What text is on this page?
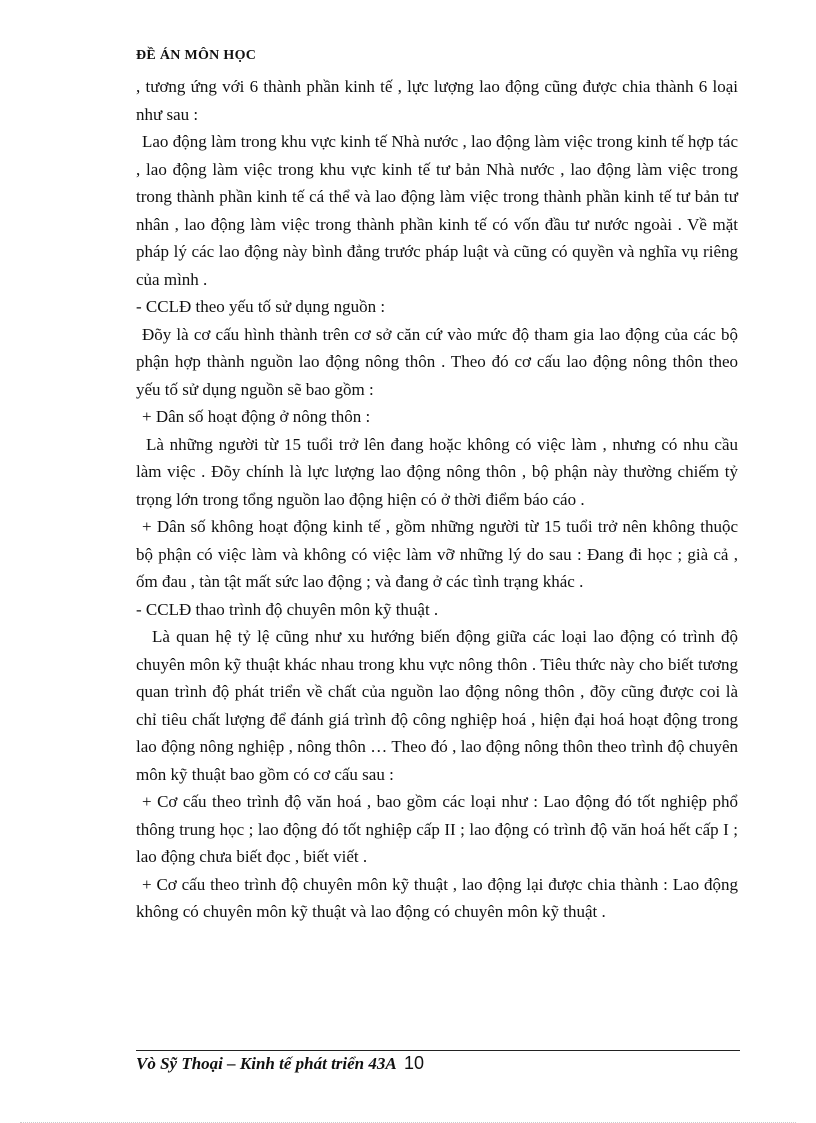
ĐỀ ÁN MÔN HỌC

, tương ứng với 6 thành phần kinh tế , lực lượng lao động cũng được chia thành 6 loại như sau :

Lao động làm trong khu vực kinh tế Nhà nước , lao động làm việc trong kinh tế hợp tác , lao động làm việc trong khu vực kinh tế tư bản Nhà nước , lao động làm việc trong trong thành phần kinh tế cá thể và lao động làm việc trong thành phần kinh tế tư bản tư nhân , lao động làm việc trong thành phần kinh tế có vốn đầu tư nước ngoài . Về mặt pháp lý các lao động này bình đẳng trước pháp luật và cũng có quyền và nghĩa vụ riêng của mình .

- CCLĐ theo yếu tố sử dụng nguồn :

Đõy là cơ cấu hình thành trên cơ sở căn cứ vào mức độ tham gia lao động của các bộ phận hợp thành nguồn lao động nông thôn . Theo đó cơ cấu lao động nông thôn theo yếu tố sử dụng nguồn sẽ bao gồm :

+ Dân số hoạt động ở nông thôn :

Là những người từ 15 tuổi trở lên đang hoặc không có việc làm , nhưng có nhu cầu làm việc . Đõy chính là lực lượng lao động nông thôn , bộ phận này thường chiếm tỷ trọng lớn trong tổng nguồn lao động hiện có ở thời điểm báo cáo .

+ Dân số không hoạt động kinh tế , gồm những người từ 15 tuổi trở nên không thuộc bộ phận có việc làm và không có việc làm vỡ những lý do sau : Đang đi học ; già cả , ốm đau , tàn tật mất sức lao động ; và đang ở các tình trạng khác .

- CCLĐ thao trình độ chuyên môn kỹ thuật .

Là quan hệ tỷ lệ cũng như xu hướng biến động giữa các loại lao động có trình độ chuyên môn kỹ thuật khác nhau trong khu vực nông thôn . Tiêu thức này cho biết tương quan trình độ phát triển về chất của nguồn lao động nông thôn , đõy cũng được coi là chỉ tiêu chất lượng để đánh giá trình độ công nghiệp hoá , hiện đại hoá hoạt động trong lao động nông nghiệp , nông thôn … Theo đó , lao động nông thôn theo trình độ chuyên môn kỹ thuật bao gồm có cơ cấu sau :

+ Cơ cấu theo trình độ văn hoá , bao gồm các loại như : Lao động đó tốt nghiệp phổ thông trung học ; lao động đó tốt nghiệp cấp II ; lao động có trình độ văn hoá hết cấp I ; lao động chưa biết đọc , biết viết .

+ Cơ cấu theo trình độ chuyên môn kỹ thuật , lao động lại được chia thành : Lao động không có chuyên môn kỹ thuật và lao động có chuyên môn kỹ thuật .

Vò Sỹ Thoại – Kinh tế phát triển 43A 10
